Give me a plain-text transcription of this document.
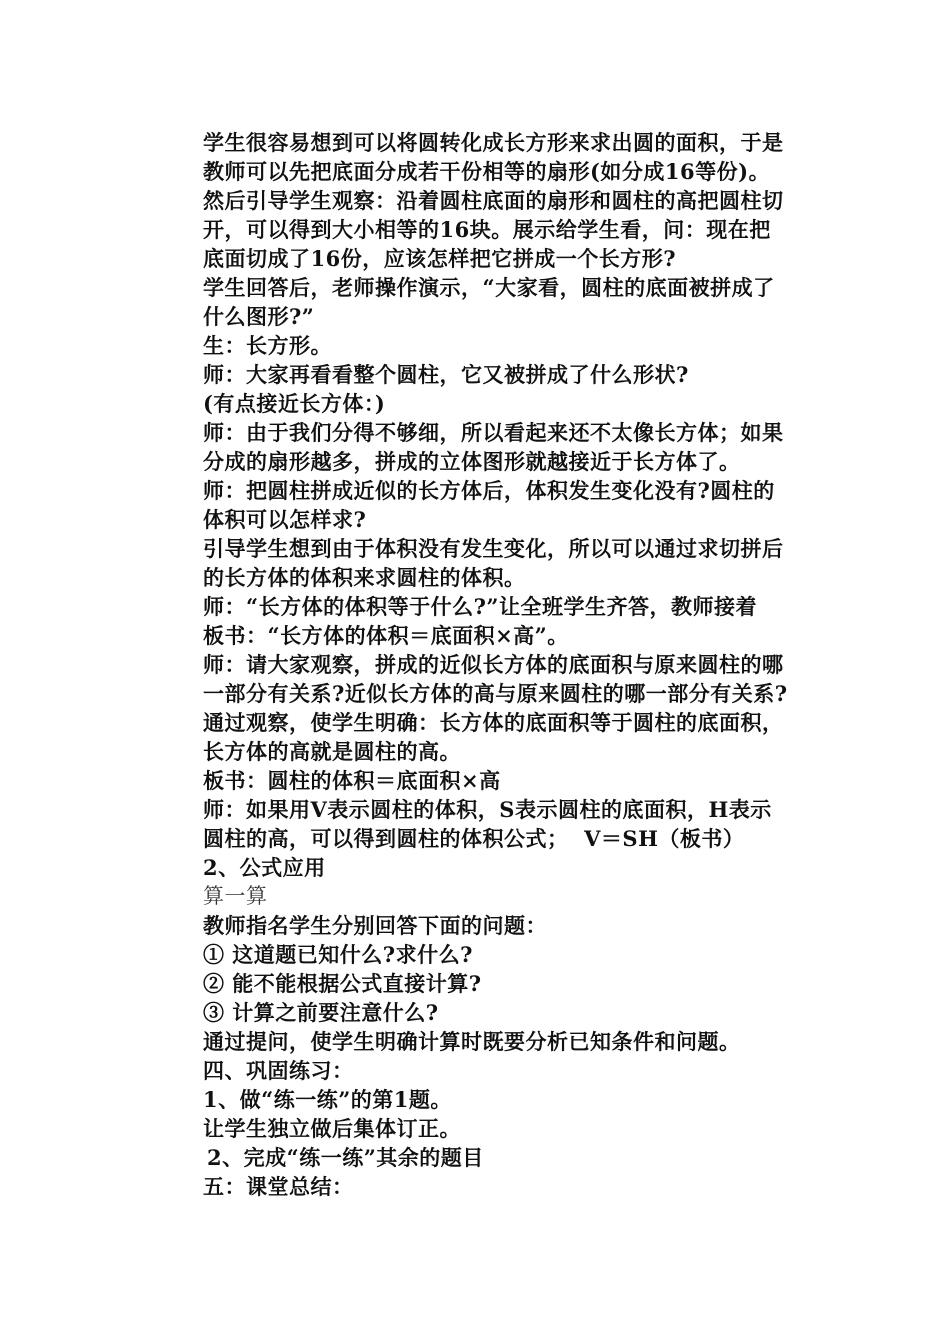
学生很容易想到可以将圆转化成长方形来求出圆的面积，于是
教师可以先把底面分成若干份相等的扇形(如分成16等份)。
然后引导学生观察：沿着圆柱底面的扇形和圆柱的高把圆柱切
开，可以得到大小相等的16块。展示给学生看，问：现在把
底面切成了16份，应该怎样把它拼成一个长方形?
学生回答后，老师操作演示，“大家看，圆柱的底面被拼成了
什么图形?”
生：长方形。
师：大家再看看整个圆柱，它又被拼成了什么形状?
(有点接近长方体：)
师：由于我们分得不够细，所以看起来还不太像长方体；如果
分成的扇形越多，拼成的立体图形就越接近于长方体了。
师：把圆柱拼成近似的长方体后，体积发生变化没有?圆柱的
体积可以怎样求?
引导学生想到由于体积没有发生变化，所以可以通过求切拼后
的长方体的体积来求圆柱的体积。
师：“长方体的体积等于什么?”让全班学生齐答，教师接着
板书：“长方体的体积＝底面积×高”。
师：请大家观察，拼成的近似长方体的底面积与原来圆柱的哪
一部分有关系?近似长方体的高与原来圆柱的哪一部分有关系?
通过观察，使学生明确：长方体的底面积等于圆柱的底面积，
长方体的高就是圆柱的高。
板书：圆柱的体积＝底面积×高
师：如果用V表示圆柱的体积，S表示圆柱的底面积，H表示
圆柱的高，可以得到圆柱的体积公式；  V＝SH（板书）
2、公式应用
算一算
教师指名学生分别回答下面的问题：
① 这道题已知什么?求什么?
② 能不能根据公式直接计算?
③ 计算之前要注意什么?
通过提问，使学生明确计算时既要分析已知条件和问题。
四、巩固练习：
1、做“练一练”的第1题。
让学生独立做后集体订正。
2、完成“练一练”其余的题目
五：课堂总结：
